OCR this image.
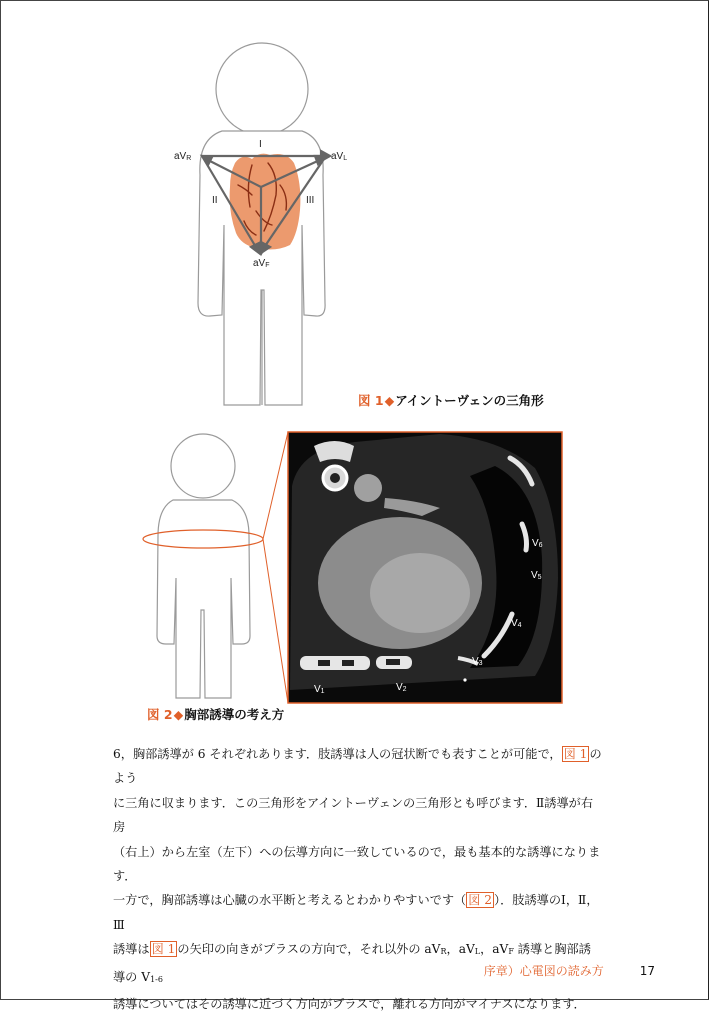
I
II	III
aVR	aVL
aVF
図 1◆アイントーヴェンの三角形
V1	V2
V3
V4
V5
V6
図 2◆胸部誘導の考え方

6，胸部誘導が 6 それぞれあります．肢誘導は人の冠状断でも表すことが可能で， 図 1 のよう

に三角に収まります．この三角形をアイントーヴェンの三角形とも呼びます．Ⅱ誘導が右房

（右上）から左室（左下）への伝導方向に一致しているので，最も基本的な誘導になります．

一方で，胸部誘導は心臓の水平断と考えるとわかりやすいです（ 図 2 ）．肢誘導のⅠ，Ⅱ，Ⅲ

誘導は 図 1 の矢印の向きがプラスの方向で，それ以外の aVR，aVL，aVF 誘導と胸部誘導の V1-6

誘導についてはその誘導に近づく方向がプラスで，離れる方向がマイナスになります．

序章）心電図の読み方	17
